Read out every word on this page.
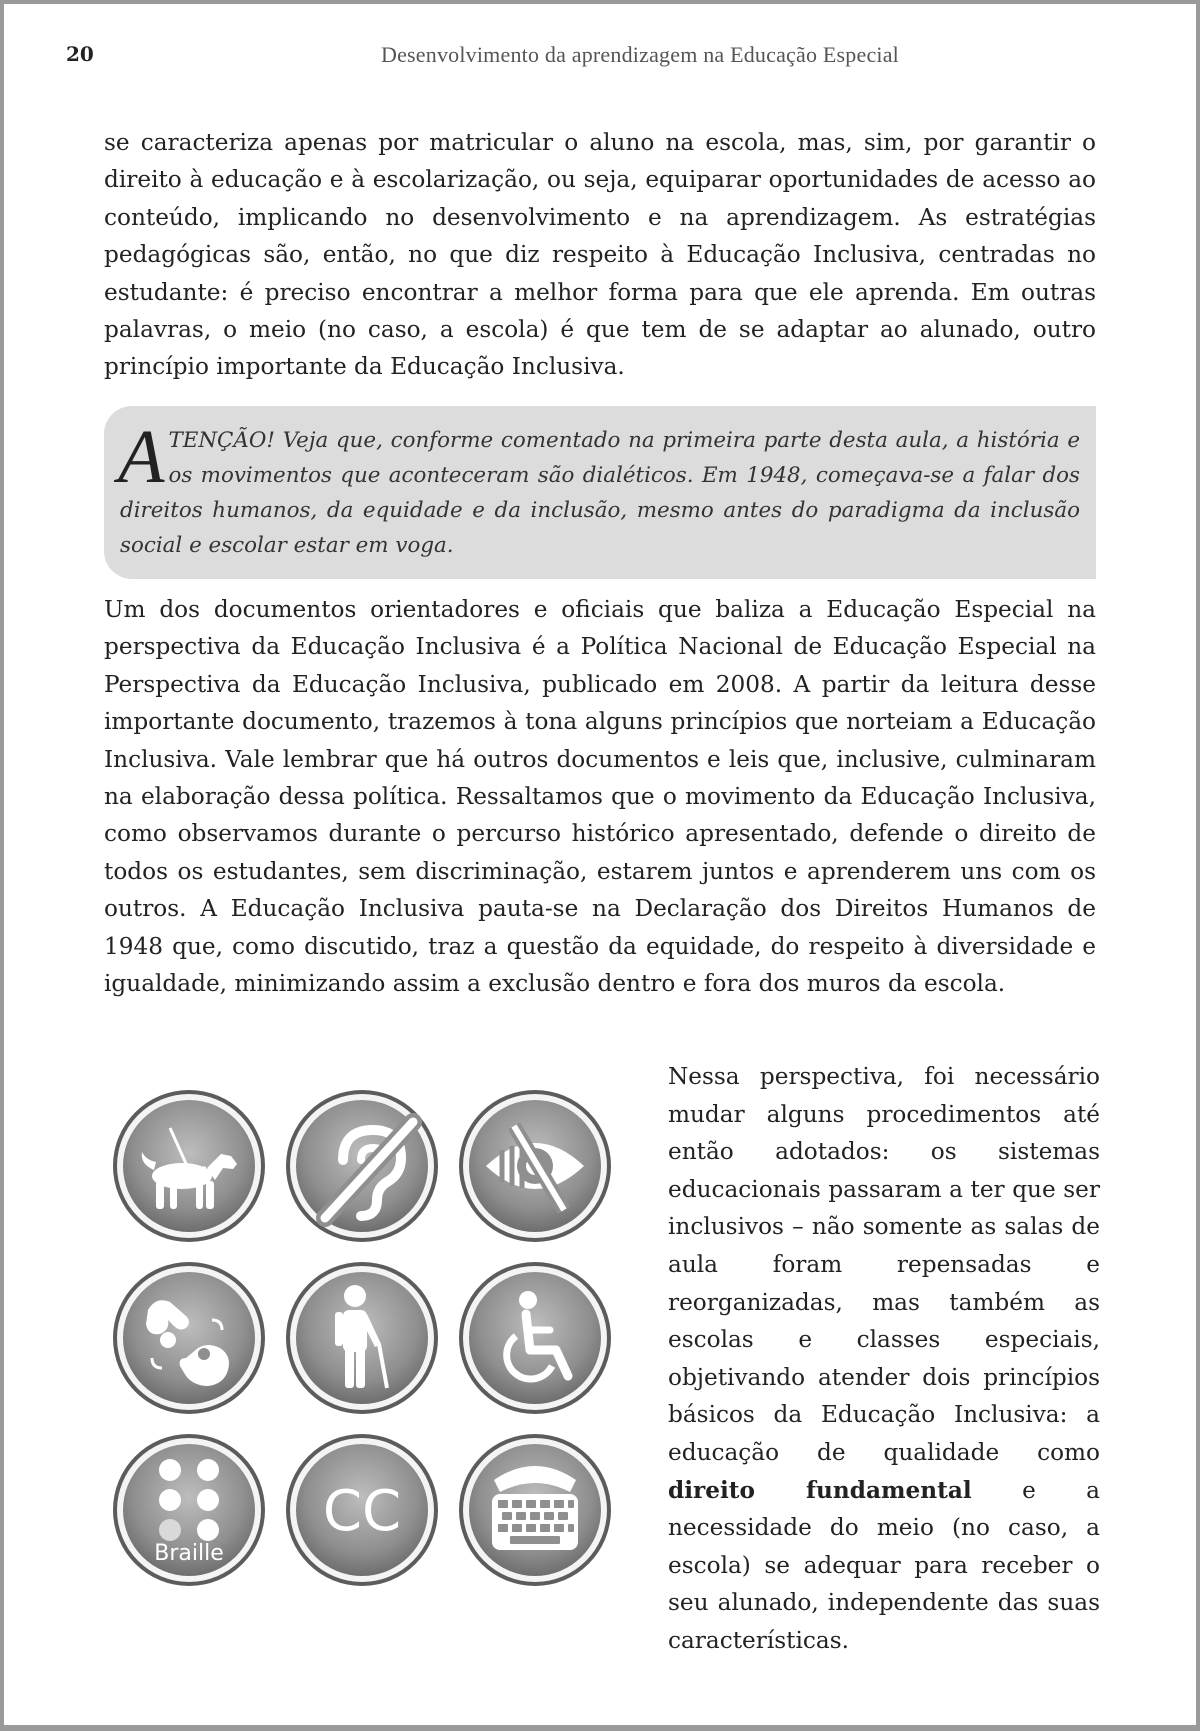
20	Desenvolvimento da aprendizagem na Educação Especial

se caracteriza apenas por matricular o aluno na escola, mas, sim, por garantir o direito à educação e à escolarização, ou seja, equiparar oportunidades de acesso ao conteúdo, implicando no desenvolvimento e na aprendizagem. As estratégias pedagógicas são, então, no que diz respeito à Educação Inclusiva, centradas no estudante: é preciso encontrar a melhor forma para que ele aprenda. Em outras palavras, o meio (no caso, a escola) é que tem de se adaptar ao alunado, outro princípio importante da Educação Inclusiva.

ATENÇÃO! Veja que, conforme comentado na primeira parte desta aula, a história e os movimentos que aconteceram são dialéticos. Em 1948, começava-se a falar dos direitos humanos, da equidade e da inclusão, mesmo antes do paradigma da inclusão social e escolar estar em voga.

Um dos documentos orientadores e oficiais que baliza a Educação Especial na perspectiva da Educação Inclusiva é a Política Nacional de Educação Especial na Perspectiva da Educação Inclusiva, publicado em 2008. A partir da leitura desse importante documento, trazemos à tona alguns princípios que norteiam a Educação Inclusiva. Vale lembrar que há outros documentos e leis que, inclusive, culminaram na elaboração dessa política. Ressaltamos que o movimento da Educação Inclusiva, como observamos durante o percurso histórico apresentado, defende o direito de todos os estudantes, sem discriminação, estarem juntos e aprenderem uns com os outros. A Educação Inclusiva pauta-se na Declaração dos Direitos Humanos de 1948 que, como discutido, traz a questão da equidade, do respeito à diversidade e igualdade, minimizando assim a exclusão dentro e fora dos muros da escola.

Braille
CC

Nessa perspectiva, foi necessário mudar alguns procedimentos até então adotados: os sistemas educacionais passaram a ter que ser inclusivos – não somente as salas de aula foram repensadas e reorganizadas, mas também as escolas e classes especiais, objetivando atender dois princípios básicos da Educação Inclusiva: a educação de qualidade como direito fundamental e a necessidade do meio (no caso, a escola) se adequar para receber o seu alunado, independente das suas características.
